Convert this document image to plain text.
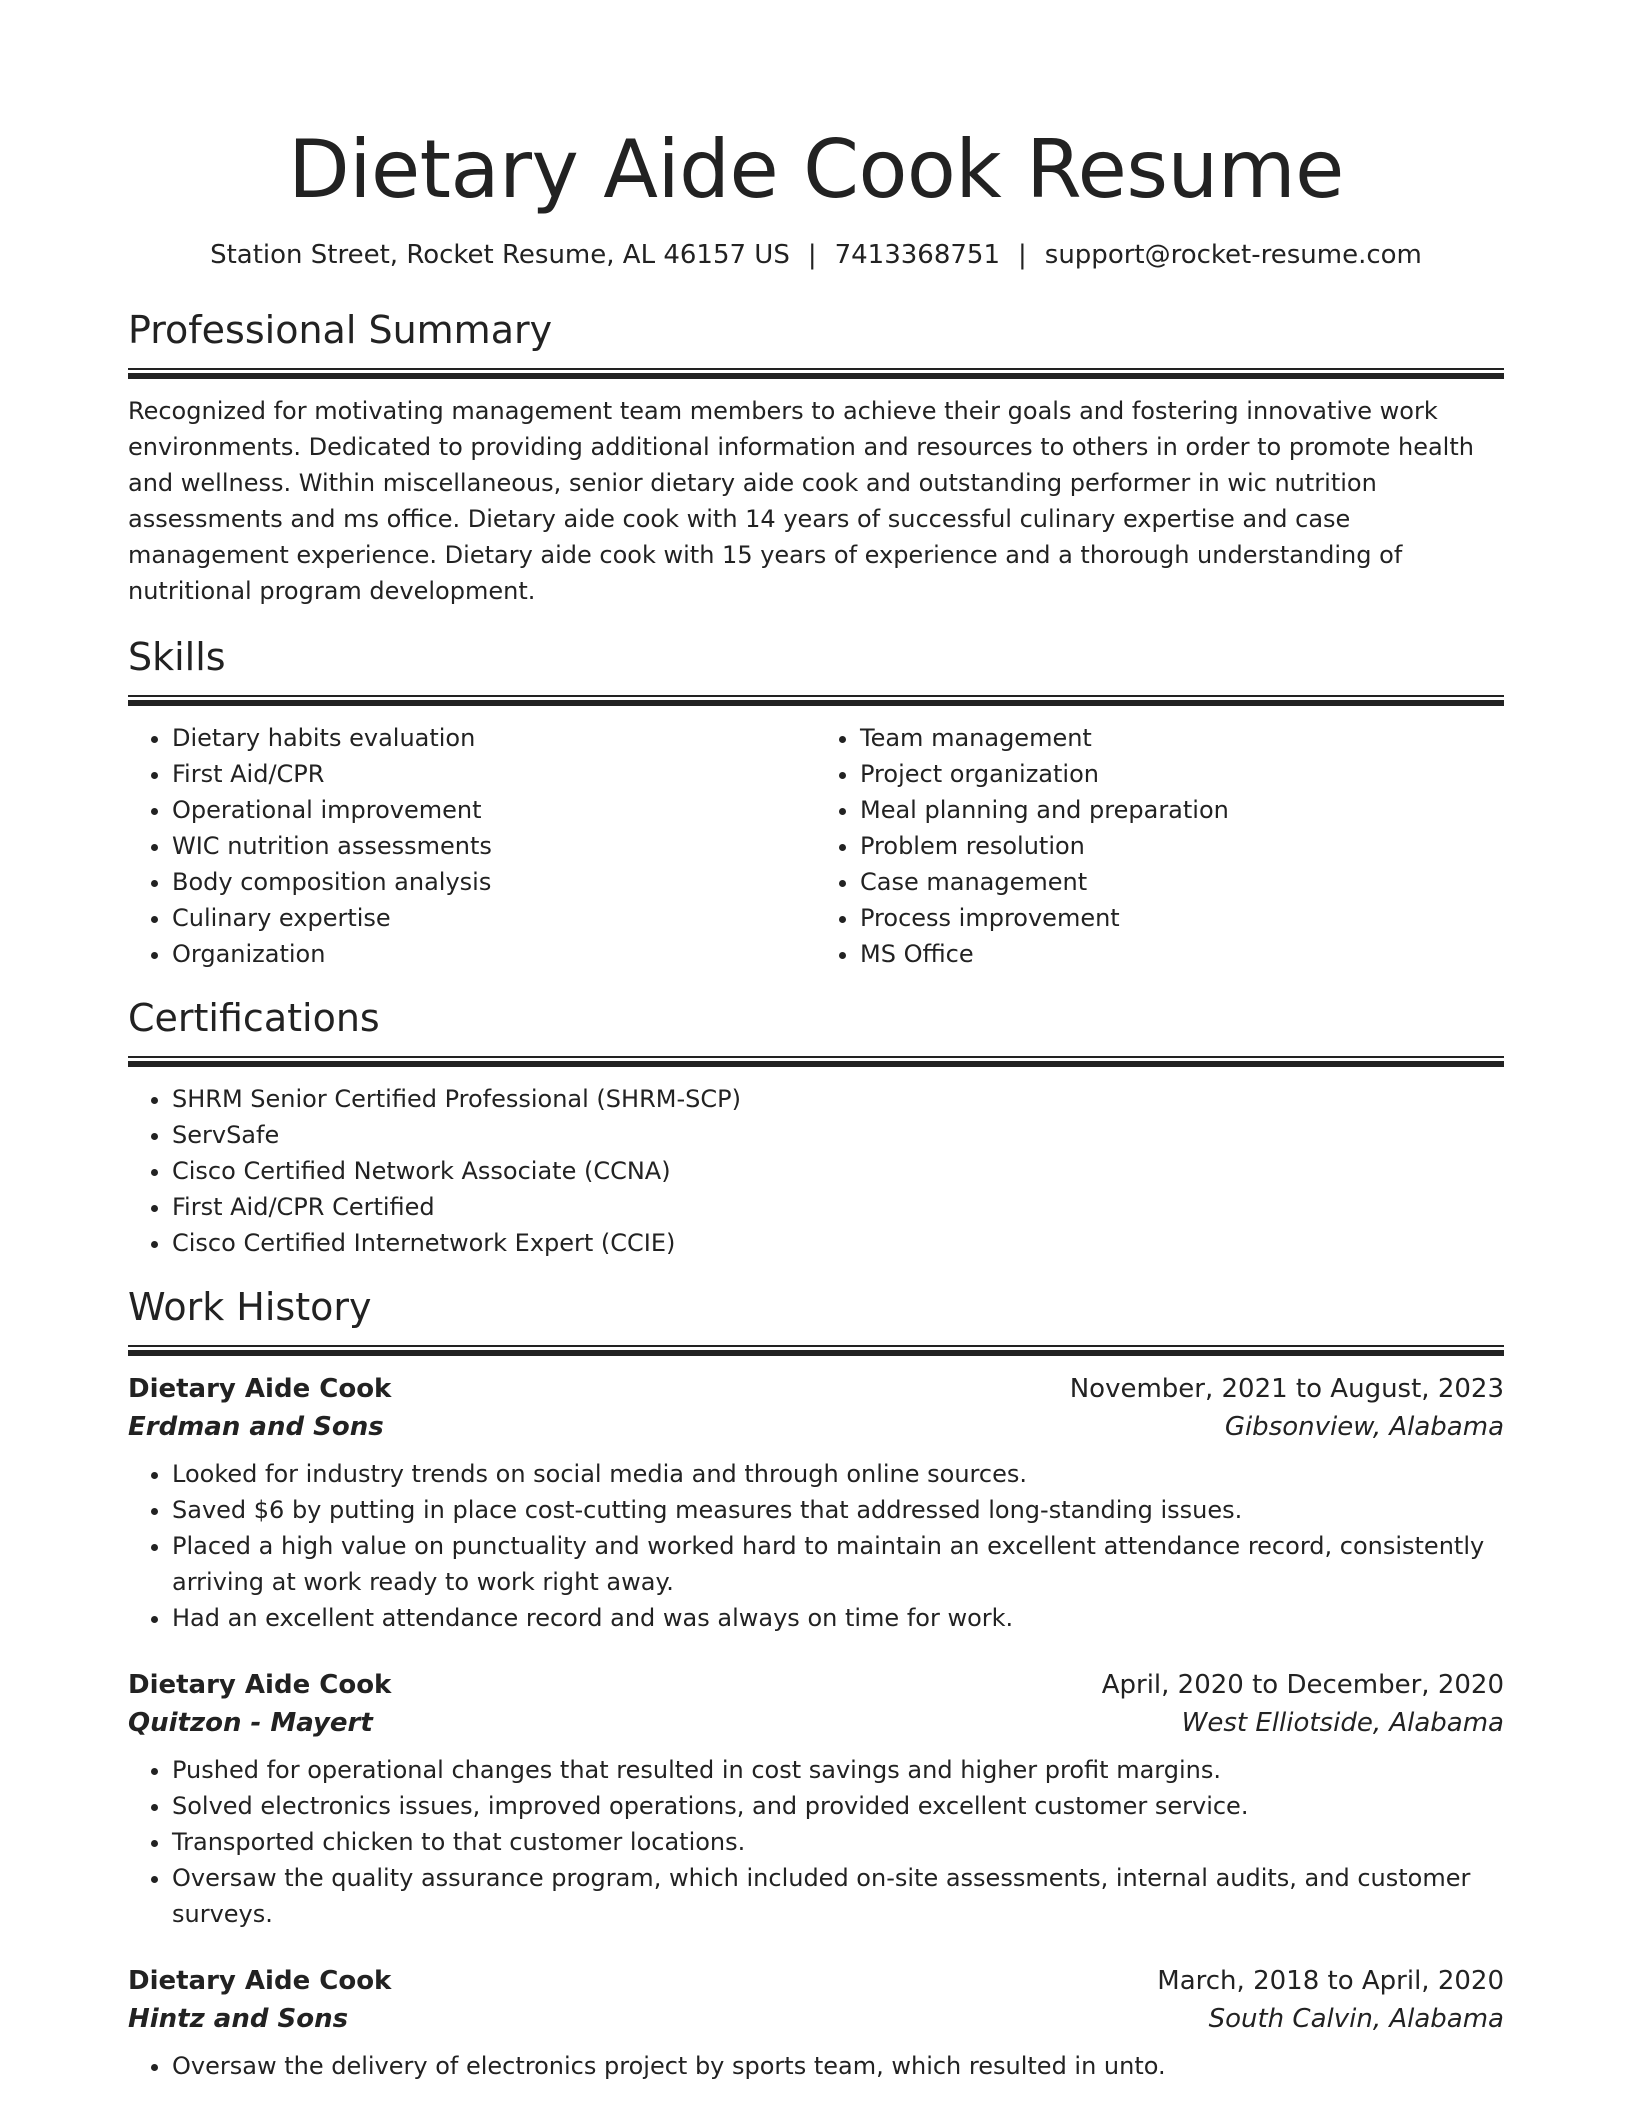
Dietary Aide Cook Resume
Station Street, Rocket Resume, AL 46157 US | 7413368751 | support@rocket-resume.com
Professional Summary

Recognized for motivating management team members to achieve their goals and fostering innovative work environments. Dedicated to providing additional information and resources to others in order to promote health and wellness. Within miscellaneous, senior dietary aide cook and outstanding performer in wic nutrition assessments and ms office. Dietary aide cook with 14 years of successful culinary expertise and case management experience. Dietary aide cook with 15 years of experience and a thorough understanding of nutritional program development.

Skills
• Dietary habits evaluation
• First Aid/CPR
• Operational improvement
• WIC nutrition assessments
• Body composition analysis
• Culinary expertise
• Organization
• Team management
• Project organization
• Meal planning and preparation
• Problem resolution
• Case management
• Process improvement
• MS Office
Certifications
• SHRM Senior Certified Professional (SHRM-SCP)
• ServSafe
• Cisco Certified Network Associate (CCNA)
• First Aid/CPR Certified
• Cisco Certified Internetwork Expert (CCIE)
Work History
Dietary Aide Cook	November, 2021 to August, 2023
Erdman and Sons	Gibsonview, Alabama
• Looked for industry trends on social media and through online sources.
• Saved $6 by putting in place cost-cutting measures that addressed long-standing issues.
• Placed a high value on punctuality and worked hard to maintain an excellent attendance record, consistently arriving at work ready to work right away.
• Had an excellent attendance record and was always on time for work.
Dietary Aide Cook	April, 2020 to December, 2020
Quitzon - Mayert	West Elliotside, Alabama
• Pushed for operational changes that resulted in cost savings and higher profit margins.
• Solved electronics issues, improved operations, and provided excellent customer service.
• Transported chicken to that customer locations.
• Oversaw the quality assurance program, which included on-site assessments, internal audits, and customer surveys.
Dietary Aide Cook	March, 2018 to April, 2020
Hintz and Sons	South Calvin, Alabama
• Oversaw the delivery of electronics project by sports team, which resulted in unto.
